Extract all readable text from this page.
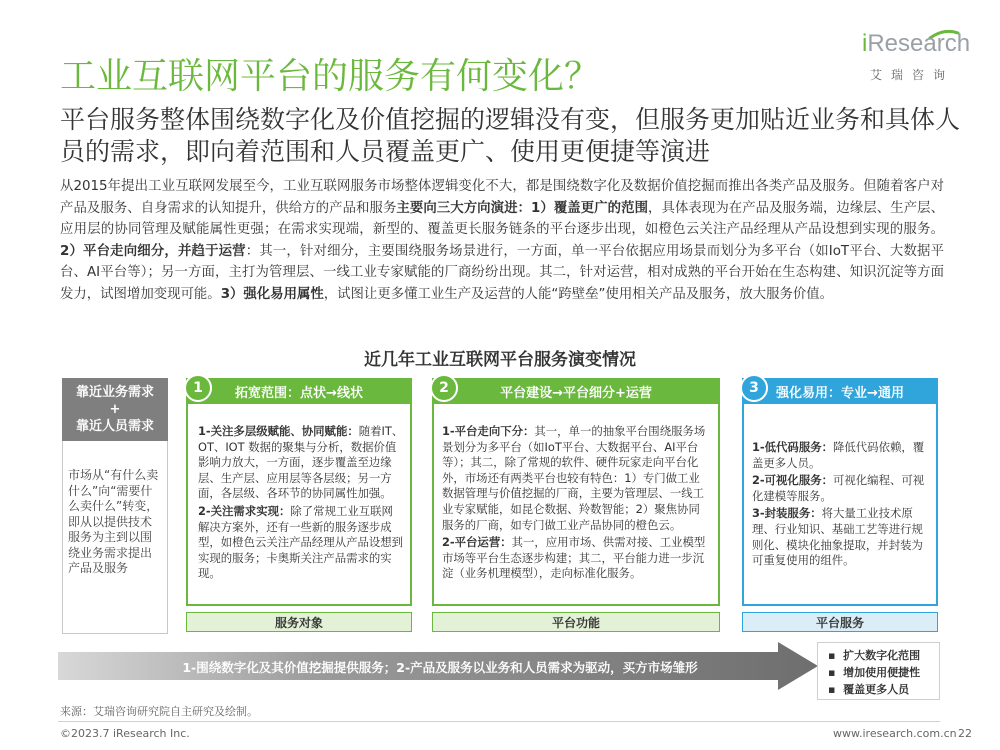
工业互联网平台的服务有何变化？
iResearch
艾瑞咨询
平台服务整体围绕数字化及价值挖掘的逻辑没有变，但服务更加贴近业务和具体人员的需求，即向着范围和人员覆盖更广、使用更便捷等演进
从2015年提出工业互联网发展至今，工业互联网服务市场整体逻辑变化不大，都是围绕数字化及数据价值挖掘而推出各类产品及服务。但随着客户对产品及服务、自身需求的认知提升，供给方的产品和服务主要向三大方向演进：1）覆盖更广的范围，具体表现为在产品及服务端，边缘层、生产层、应用层的协同管理及赋能属性更强；在需求实现端，新型的、覆盖更长服务链条的平台逐步出现，如橙色云关注产品经理从产品设想到实现的服务。2）平台走向细分，并趋于运营：其一，针对细分，主要围绕服务场景进行，一方面，单一平台依据应用场景而划分为多平台（如IoT平台、大数据平台、AI平台等）；另一方面，主打为管理层、一线工业专家赋能的厂商纷纷出现。其二，针对运营，相对成熟的平台开始在生态构建、知识沉淀等方面发力，试图增加变现可能。3）强化易用属性，试图让更多懂工业生产及运营的人能“跨壁垒”使用相关产品及服务，放大服务价值。
近几年工业互联网平台服务演变情况
靠近业务需求
+
靠近人员需求
市场从“有什么卖什么”向“需要什么卖什么”转变，即从以提供技术服务为主到以围绕业务需求提出产品及服务
拓宽范围：点状→线状
1

1-关注多层级赋能、协同赋能：随着IT、OT、IOT 数据的聚集与分析，数据价值影响力放大，一方面，逐步覆盖至边缘层、生产层、应用层等各层级；另一方面，各层级、各环节的协同属性加强。

2-关注需求实现：除了常规工业互联网解决方案外，还有一些新的服务逐步成型，如橙色云关注产品经理从产品设想到实现的服务；卡奥斯关注产品需求的实现。

服务对象
平台建设→平台细分+运营
2

1-平台走向下分：其一，单一的抽象平台围绕服务场景划分为多平台（如IoT平台、大数据平台、AI平台等）；其二，除了常规的软件、硬件玩家走向平台化外，市场还有两类平台也较有特色：1）专门做工业数据管理与价值挖掘的厂商，主要为管理层、一线工业专家赋能，如昆仑数据、羚数智能；2）聚焦协同服务的厂商，如专门做工业产品协同的橙色云。

2-平台运营：其一，应用市场、供需对接、工业模型市场等平台生态逐步构建；其二，平台能力进一步沉淀（业务机理模型），走向标准化服务。

平台功能
强化易用：专业→通用
3

1-低代码服务：降低代码依赖，覆盖更多人员。

2-可视化服务：可视化编程、可视化建模等服务。

3-封装服务：将大量工业技术原理、行业知识、基础工艺等进行规则化、模块化抽象提取，并封装为可重复使用的组件。

平台服务
1-围绕数字化及其价值挖掘提供服务；2-产品及服务以业务和人员需求为驱动，买方市场雏形
▪ 扩大数字化范围
▪ 增加使用便捷性
▪ 覆盖更多人员
来源：艾瑞咨询研究院自主研究及绘制。
©2023.7 iResearch Inc.	www.iresearch.com.cn 22
